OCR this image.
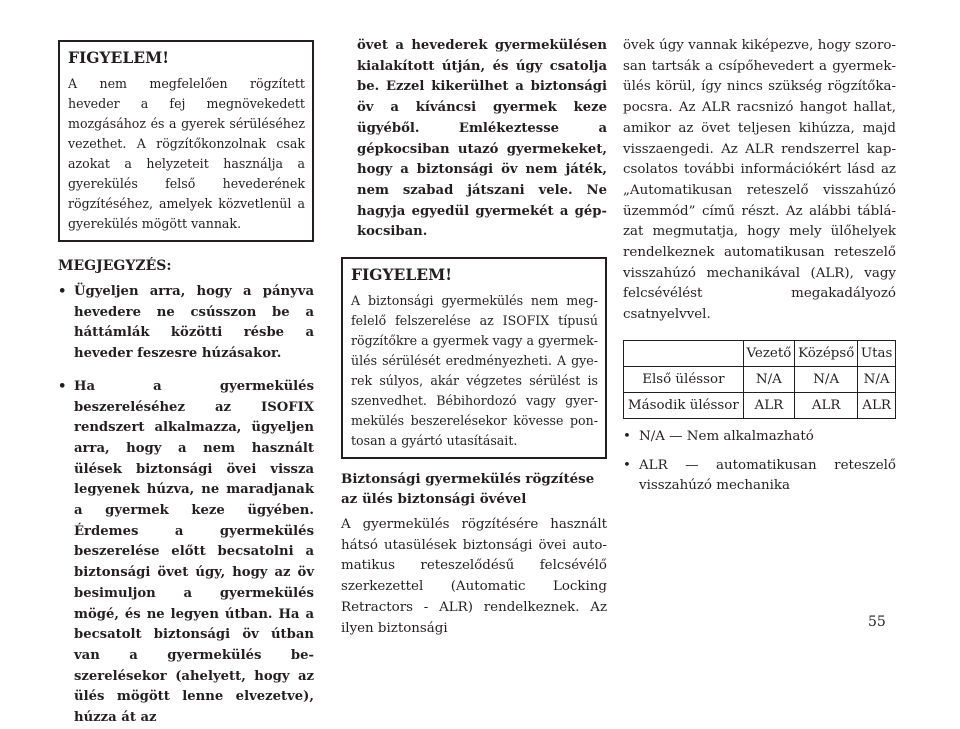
FIGYELEM!

A nem megfelelően rögzített heveder a fej megnövekedett mozgásához és a gyerek sérüléséhez vezethet. A rögzítőkonzolnak csak azokat a helyzeteit használja a gyerekülés felső hevederének rögzítéséhez, amelyek közvetlenül a gyerekülés mögött vannak.

MEGJEGYZÉS:
• Ügyeljen arra, hogy a pányva hevedere ne csússzon be a háttámlák közötti résbe a heveder feszesre húzásakor.
• Ha a gyermekülés beszereléséhez az ISOFIX rendszert alkalmazza, ügyeljen arra, hogy a nem használt ülések biztonsági övei vissza legyenek húzva, ne maradjanak a gyermek keze ügyében. Érdemes a gyermekülés beszerelése előtt becsatolni a biztonsági övet úgy, hogy az öv besimuljon a gyermekülés mögé, és ne legyen útban. Ha a becsatolt biztonsági öv útban van a gyermekülés beszerelésekor (ahelyett, hogy az ülés mögött lenne elvezetve), húzza át az

övet a hevederek gyermekülésen kialakított útján, és úgy csatolja be. Ezzel kikerülhet a biztonsági öv a kíváncsi gyermek keze ügyéből. Emlékeztesse a gépkocsiban utazó gyermekeket, hogy a biztonsági öv nem játék, nem szabad játszani vele. Ne hagyja egyedül gyermekét a gépkocsiban.

FIGYELEM!

A biztonsági gyermekülés nem megfelelő felszerelése az ISOFIX típusú rögzítőkre a gyermek vagy a gyermekülés sérülését eredményezheti. A gyerek súlyos, akár végzetes sérülést is szenvedhet. Bébihordozó vagy gyermekülés beszerelésekor kövesse pontosan a gyártó utasításait.

Biztonsági gyermekülés rögzítése az ülés biztonsági övével

A gyermekülés rögzítésére használt hátsó utasülések biztonsági övei automatikus reteszelődésű felcsévélő szerkezettel (Automatic Locking Retractors - ALR) rendelkeznek. Az ilyen biztonsági

övek úgy vannak kiképezve, hogy szorosan tartsák a csípőhevedert a gyermekülés körül, így nincs szükség rögzítőkapocsra. Az ALR racsnizó hangot hallat, amikor az övet teljesen kihúzza, majd visszaengedi. Az ALR rendszerrel kapcsolatos további információkért lásd az „Automatikusan reteszelő visszahúzó üzemmód” című részt. Az alábbi táblázat megmutatja, hogy mely ülőhelyek rendelkeznek automatikusan reteszelő visszahúzó mechanikával (ALR), vagy felcsévélést megakadályozó csatnyelvvel.

	Vezető	Középső	Utas
Első üléssor	N/A	N/A	N/A
Második üléssor	ALR	ALR	ALR
• N/A — Nem alkalmazható
• ALR — automatikusan reteszelő visszahúzó mechanika
55
